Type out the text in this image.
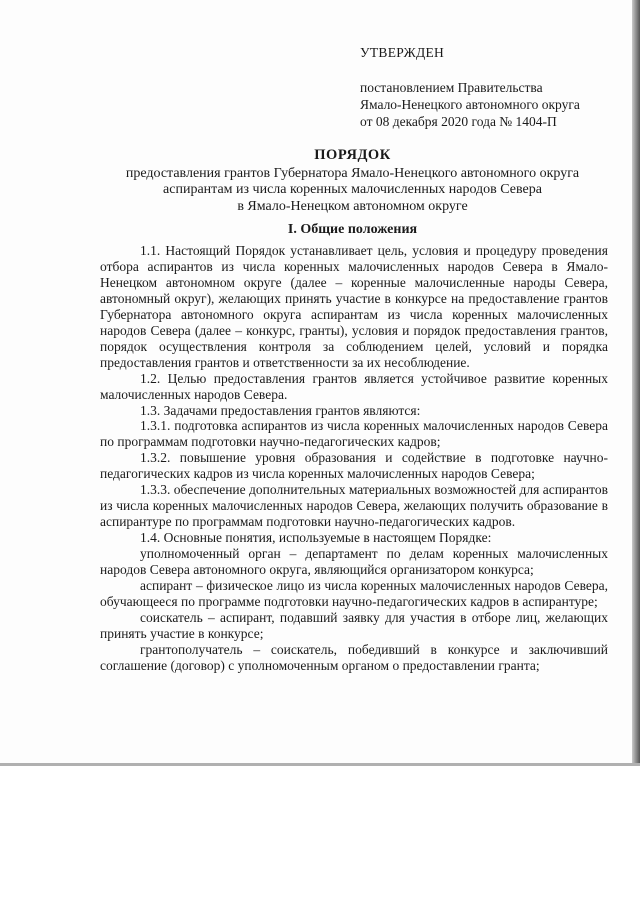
УТВЕРЖДЕН
постановлением Правительства
Ямало-Ненецкого автономного округа
от 08 декабря 2020 года № 1404-П
ПОРЯДОК
предоставления грантов Губернатора Ямало-Ненецкого автономного округа
аспирантам из числа коренных малочисленных народов Севера
в Ямало-Ненецком автономном округе
I. Общие положения

1.1. Настоящий Порядок устанавливает цель, условия и процедуру проведения отбора аспирантов из числа коренных малочисленных народов Севера в Ямало-Ненецком автономном округе (далее – коренные малочисленные народы Севера, автономный округ), желающих принять участие в конкурсе на предоставление грантов Губернатора автономного округа аспирантам из числа коренных малочисленных народов Севера (далее – конкурс, гранты), условия и порядок предоставления грантов, порядок осуществления контроля за соблюдением целей, условий и порядка предоставления грантов и ответственности за их несоблюдение.

1.2. Целью предоставления грантов является устойчивое развитие коренных малочисленных народов Севера.

1.3. Задачами предоставления грантов являются:

1.3.1. подготовка аспирантов из числа коренных малочисленных народов Севера по программам подготовки научно-педагогических кадров;

1.3.2. повышение уровня образования и содействие в подготовке научно-педагогических кадров из числа коренных малочисленных народов Севера;

1.3.3. обеспечение дополнительных материальных возможностей для аспирантов из числа коренных малочисленных народов Севера, желающих получить образование в аспирантуре по программам подготовки научно-педагогических кадров.

1.4. Основные понятия, используемые в настоящем Порядке:

уполномоченный орган – департамент по делам коренных малочисленных народов Севера автономного округа, являющийся организатором конкурса;

аспирант – физическое лицо из числа коренных малочисленных народов Севера, обучающееся по программе подготовки научно-педагогических кадров в аспирантуре;

соискатель – аспирант, подавший заявку для участия в отборе лиц, желающих принять участие в конкурсе;

грантополучатель – соискатель, победивший в конкурсе и заключивший соглашение (договор) с уполномоченным органом о предоставлении гранта;
